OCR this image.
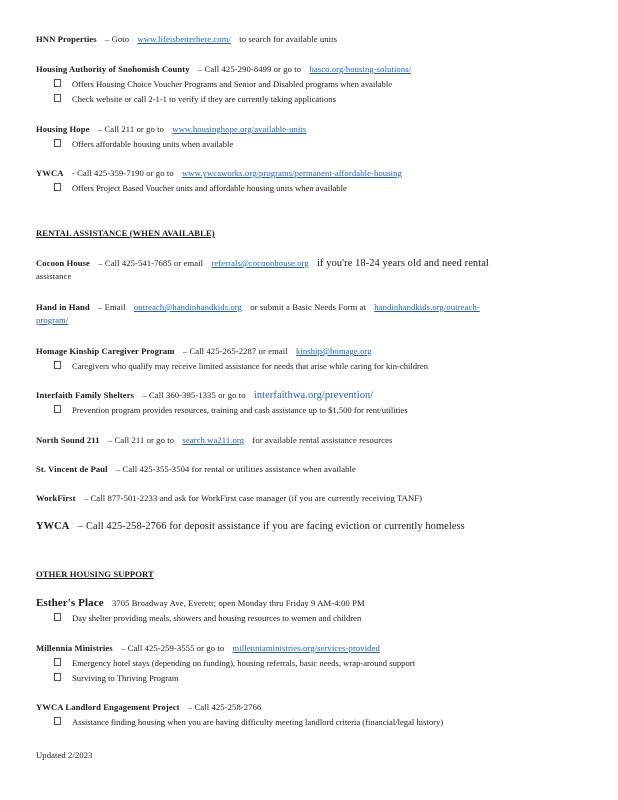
HNN Properties – Goto www.lifeisbetterhere.com/ to search for available units
Housing Authority of Snohomish County – Call 425-290-8499 or go to hasco.org/housing-solutions/
Offers Housing Choice Voucher Programs and Senior and Disabled programs when available
Check website or call 2-1-1 to verify if they are currently taking applications
Housing Hope – Call 211 or go to www.housinghope.org/available-units
Offers affordable housing units when available
YWCA - Call 425-359-7190 or go to www.ywcaworks.org/programs/permanent-affordable-housing
Offers Project Based Voucher units and affordable housing units when available
RENTAL ASSISTANCE (WHEN AVAILABLE)
Cocoon House – Call 425-541-7685 or email referrals@cocoonhouse.org if you're 18-24 years old and need rental
assistance
Hand in Hand – Email outreach@handinhandkids.org or submit a Basic Needs Form at handinhandkids.org/outreach-
program/
Homage Kinship Caregiver Program – Call 425-265-2287 or email kinship@homage.org
Caregivers who qualify may receive limited assistance for needs that arise while caring for kin-children
Interfaith Family Shelters – Call 360-395-1335 or go to interfaithwa.org/prevention/
Prevention program provides resources, training and cash assistance up to $1,500 for rent/utilities
North Sound 211 – Call 211 or go to search.wa211.org for available rental assistance resources
St. Vincent de Paul – Call 425-355-3504 for rental or utilities assistance when available
WorkFirst – Call 877-501-2233 and ask for WorkFirst case manager (if you are currently receiving TANF)
YWCA – Call 425-258-2766 for deposit assistance if you are facing eviction or currently homeless
OTHER HOUSING SUPPORT
Esther's Place 3705 Broadway Ave, Everett; open Monday thru Friday 9 AM-4:00 PM
Day shelter providing meals, showers and housing resources to women and children
Millennia Ministries – Call 425-259-3555 or go to millenniaministries.org/services-provided
Emergency hotel stays (depending on funding), housing referrals, basic needs, wrap-around support
Surviving to Thriving Program
YWCA Landlord Engagement Project – Call 425-258-2766
Assistance finding housing when you are having difficulty meeting landlord criteria (financial/legal history)
Updated 2/2023
